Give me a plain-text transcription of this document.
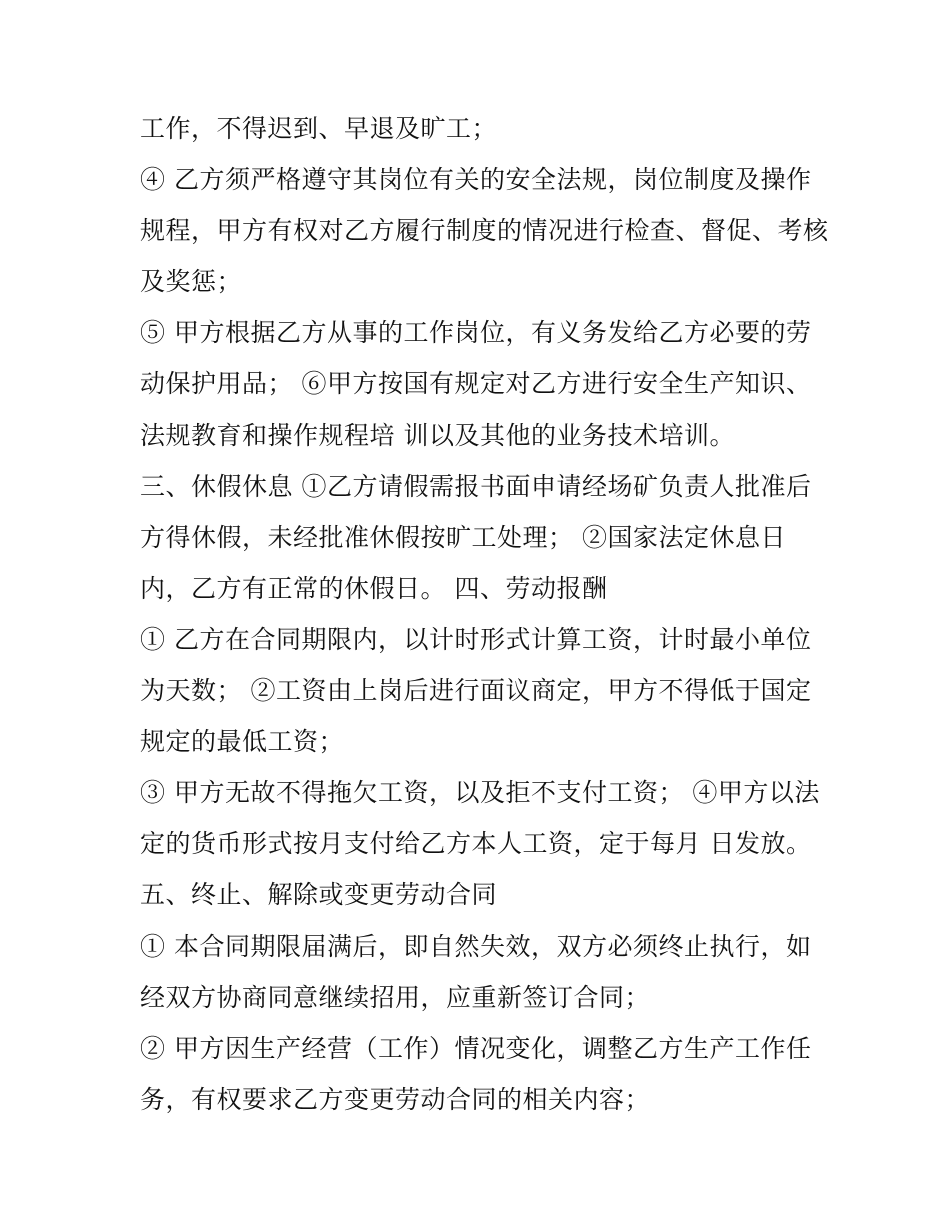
工作，不得迟到、早退及旷工；
④ 乙方须严格遵守其岗位有关的安全法规，岗位制度及操作
规程，甲方有权对乙方履行制度的情况进行检查、督促、考核
及奖惩；
⑤ 甲方根据乙方从事的工作岗位，有义务发给乙方必要的劳
动保护用品； ⑥甲方按国有规定对乙方进行安全生产知识、
法规教育和操作规程培 训以及其他的业务技术培训。
三、休假休息 ①乙方请假需报书面申请经场矿负责人批准后
方得休假，未经批准休假按旷工处理； ②国家法定休息日
内，乙方有正常的休假日。 四、劳动报酬
① 乙方在合同期限内，以计时形式计算工资，计时最小单位
为天数； ②工资由上岗后进行面议商定，甲方不得低于国定
规定的最低工资；
③ 甲方无故不得拖欠工资，以及拒不支付工资； ④甲方以法
定的货币形式按月支付给乙方本人工资，定于每月 日发放。
五、终止、解除或变更劳动合同
① 本合同期限届满后，即自然失效，双方必须终止执行，如
经双方协商同意继续招用，应重新签订合同；
② 甲方因生产经营（工作）情况变化，调整乙方生产工作任
务，有权要求乙方变更劳动合同的相关内容；
